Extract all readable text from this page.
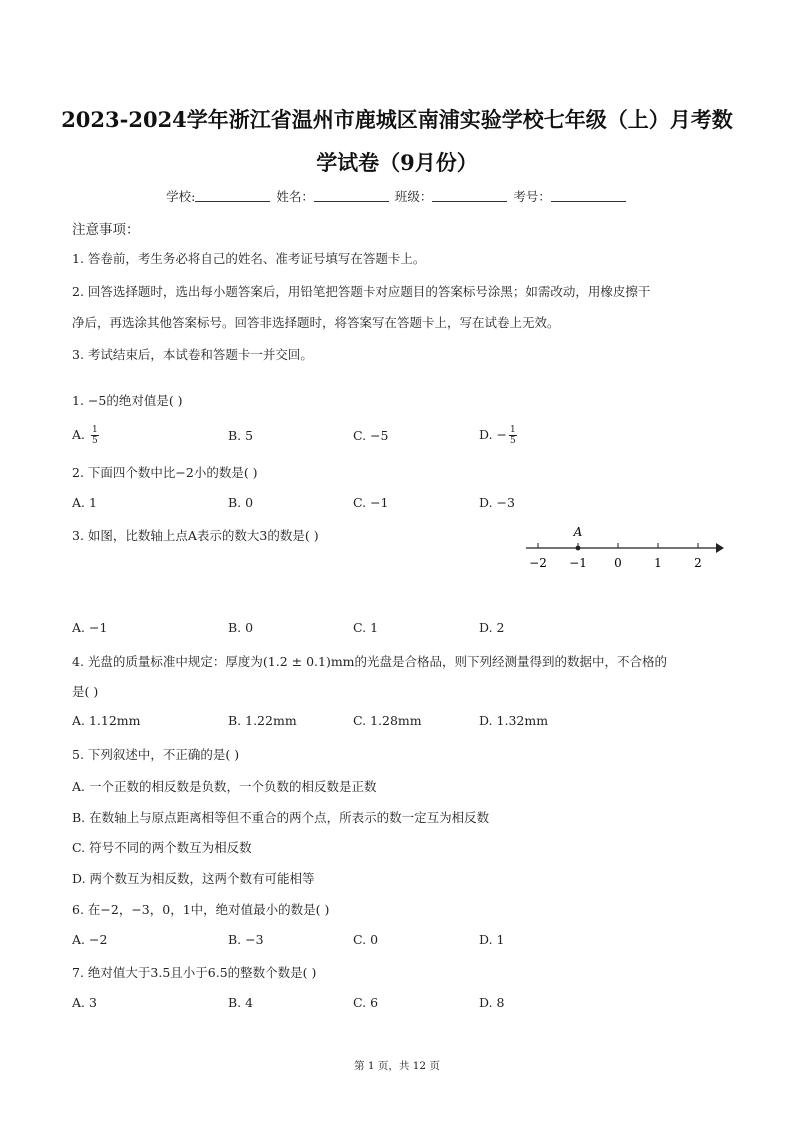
2023-2024学年浙江省温州市鹿城区南浦实验学校七年级（上）月考数
学试卷（9月份）
学校:	姓名：	班级：	考号：
注意事项：
1. 答卷前，考生务必将自己的姓名、准考证号填写在答题卡上。
2. 回答选择题时，选出每小题答案后，用铅笔把答题卡对应题目的答案标号涂黑；如需改动，用橡皮擦干
净后，再选涂其他答案标号。回答非选择题时，将答案写在答题卡上，写在试卷上无效。
3. 考试结束后，本试卷和答题卡一并交回。
1. −5的绝对值是( )
A. $\frac{1}{5}$	B. 5	C. −5	D. − $\frac{1}{5}$
2. 下面四个数中比−2小的数是( )
A. 1	B. 0	C. −1	D. −3
3. 如图，比数轴上点A表示的数大3的数是( )
−2 −1 0	1	2
A
A. −1	B. 0	C. 1	D. 2
4. 光盘的质量标准中规定：厚度为(1.2 ± 0.1)mm的光盘是合格品，则下列经测量得到的数据中，不合格的
是( )
A. 1.12mm	B. 1.22mm	C. 1.28mm	D. 1.32mm
5. 下列叙述中，不正确的是( )
A. 一个正数的相反数是负数，一个负数的相反数是正数
B. 在数轴上与原点距离相等但不重合的两个点，所表示的数一定互为相反数
C. 符号不同的两个数互为相反数
D. 两个数互为相反数，这两个数有可能相等
6. 在−2，−3，0，1中，绝对值最小的数是( )
A. −2	B. −3	C. 0	D. 1
7. 绝对值大于3.5且小于6.5的整数个数是( )
A. 3	B. 4	C. 6	D. 8
第 1 页，共 12 页
